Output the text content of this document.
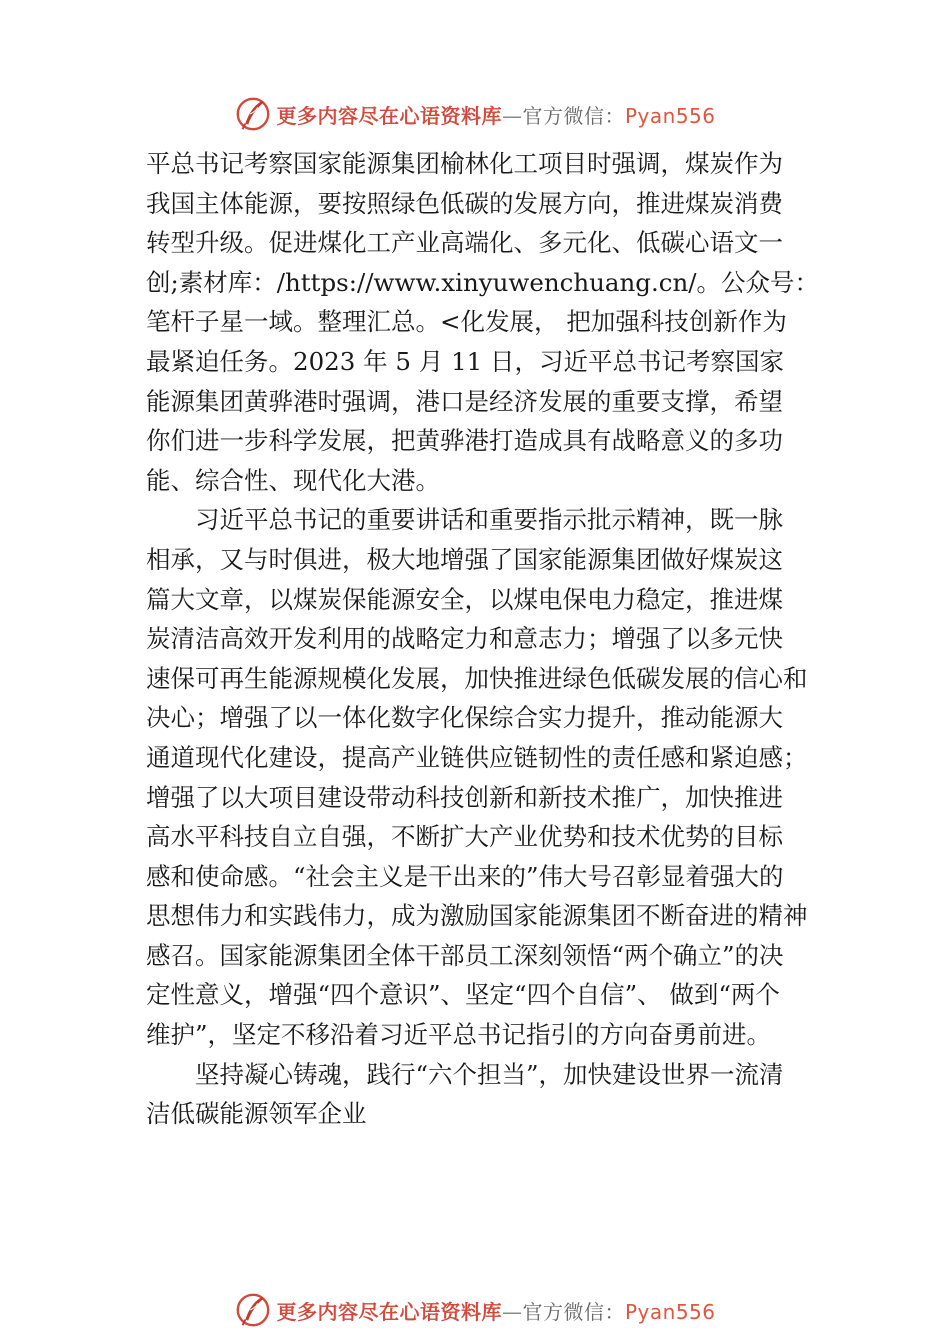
更多内容尽在心语资料库—官方微信：Pyan556
平总书记考察国家能源集团榆林化工项目时强调，煤炭作为
我国主体能源，要按照绿色低碳的发展方向，推进煤炭消费
转型升级。促进煤化工产业高端化、多元化、低碳心语文一
创;素材库：/https://www.xinyuwenchuang.cn/。公众号：
笔杆子星一域。整理汇总。<化发展， 把加强科技创新作为
最紧迫任务。2023 年 5 月 11 日，习近平总书记考察国家
能源集团黄骅港时强调，港口是经济发展的重要支撑，希望
你们进一步科学发展，把黄骅港打造成具有战略意义的多功
能、综合性、现代化大港。
习近平总书记的重要讲话和重要指示批示精神，既一脉
相承，又与时俱进，极大地增强了国家能源集团做好煤炭这
篇大文章，以煤炭保能源安全，以煤电保电力稳定，推进煤
炭清洁高效开发利用的战略定力和意志力；增强了以多元快
速保可再生能源规模化发展，加快推进绿色低碳发展的信心和
决心；增强了以一体化数字化保综合实力提升，推动能源大
通道现代化建设，提高产业链供应链韧性的责任感和紧迫感；
增强了以大项目建设带动科技创新和新技术推广，加快推进
高水平科技自立自强，不断扩大产业优势和技术优势的目标
感和使命感。“社会主义是干出来的”伟大号召彰显着强大的
思想伟力和实践伟力，成为激励国家能源集团不断奋进的精神
感召。国家能源集团全体干部员工深刻领悟“两个确立”的决
定性意义，增强“四个意识”、坚定“四个自信”、 做到“两个
维护”，坚定不移沿着习近平总书记指引的方向奋勇前进。
坚持凝心铸魂，践行“六个担当”，加快建设世界一流清
洁低碳能源领军企业
更多内容尽在心语资料库—官方微信：Pyan556
